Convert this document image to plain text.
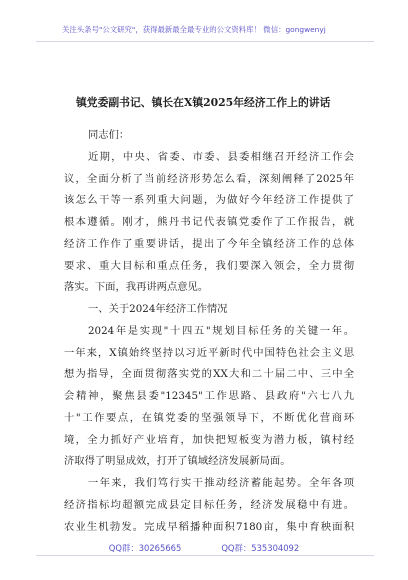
关注头条号"公文研究"，获得最新最全最专业的公文资料库！ 微信：gongwenyj
镇党委副书记、镇长在X镇2025年经济工作上的讲话
同志们：
近期，中央、省委、市委、县委相继召开经济工作会
议，全面分析了当前经济形势怎么看，深刻阐释了2025年
该怎么干等一系列重大问题，为做好今年经济工作提供了
根本遵循。刚才，熊丹书记代表镇党委作了工作报告，就
经济工作作了重要讲话，提出了今年全镇经济工作的总体
要求、重大目标和重点任务，我们要深入领会，全力贯彻
落实。下面，我再讲两点意见。
一、关于2024年经济工作情况
2024年是实现"十四五"规划目标任务的关键一年。
一年来，X镇始终坚持以习近平新时代中国特色社会主义思
想为指导，全面贯彻落实党的XX大和二十届二中、三中全
会精神，聚焦县委"12345"工作思路、县政府"六七八九
十"工作要点，在镇党委的坚强领导下，不断优化营商环
境，全力抓好产业培育，加快把短板变为潜力板，镇村经
济取得了明显成效，打开了镇域经济发展新局面。
一年来，我们笃行实干推动经济蓄能起势。全年各项
经济指标均超额完成县定目标任务，经济发展稳中有进。
农业生机勃发。完成早稻播种面积7180亩，集中育秧面积
QQ群：30265665	QQ群：535304092
